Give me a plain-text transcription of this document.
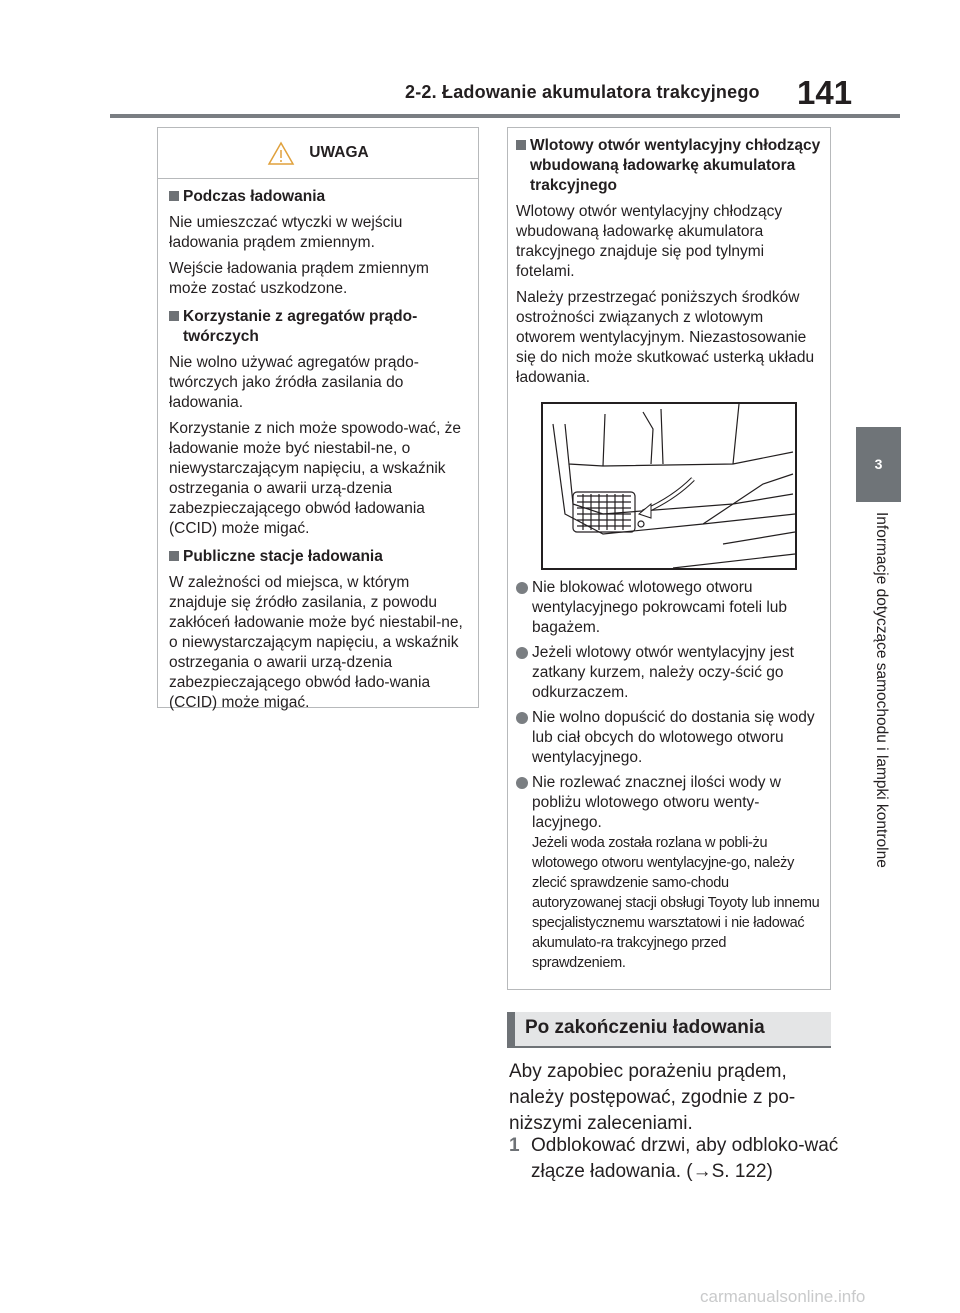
2-2. Ładowanie akumulatora trakcyjnego 141
3
Informacje dotyczące samochodu i lampki kontrolne
UWAGA
Podczas ładowania

Nie umieszczać wtyczki w wejściu ładowania prądem zmiennym.

Wejście ładowania prądem zmiennym może zostać uszkodzone.

Korzystanie z agregatów prądo-twórczych

Nie wolno używać agregatów prądo-twórczych jako źródła zasilania do ładowania.

Korzystanie z nich może spowodo-wać, że ładowanie może być niestabil-ne, o niewystarczającym napięciu, a wskaźnik ostrzegania o awarii urzą-dzenia zabezpieczającego obwód ładowania (CCID) może migać.

Publiczne stacje ładowania

W zależności od miejsca, w którym znajduje się źródło zasilania, z powodu zakłóceń ładowanie może być niestabil-ne, o niewystarczającym napięciu, a wskaźnik ostrzegania o awarii urzą-dzenia zabezpieczającego obwód łado-wania (CCID) może migać.

Wlotowy otwór wentylacyjny chłodzący wbudowaną ładowarkę akumulatora trakcyjnego

Wlotowy otwór wentylacyjny chłodzący wbudowaną ładowarkę akumulatora trakcyjnego znajduje się pod tylnymi fotelami.

Należy przestrzegać poniższych środków ostrożności związanych z wlotowym otworem wentylacyjnym. Niezastosowanie się do nich może skutkować usterką układu ładowania.

Nie blokować wlotowego otworu wentylacyjnego pokrowcami foteli lub bagażem.
Jeżeli wlotowy otwór wentylacyjny jest zatkany kurzem, należy oczy-ścić go odkurzaczem.
Nie wolno dopuścić do dostania się wody lub ciał obcych do wlotowego otworu wentylacyjnego.
Nie rozlewać znacznej ilości wody w pobliżu wlotowego otworu wenty-lacyjnego.
Jeżeli woda została rozlana w pobli-żu wlotowego otworu wentylacyjne-go, należy zlecić sprawdzenie samo-chodu autoryzowanej stacji obsługi Toyoty lub innemu specjalistycznemu warsztatowi i nie ładować akumulato-ra trakcyjnego przed sprawdzeniem.
Po zakończeniu ładowania
Aby zapobiec porażeniu prądem, należy postępować, zgodnie z po-niższymi zaleceniami.
1 Odblokować drzwi, aby odbloko-wać złącze ładowania. (→S. 122)
carmanualsonline.info
